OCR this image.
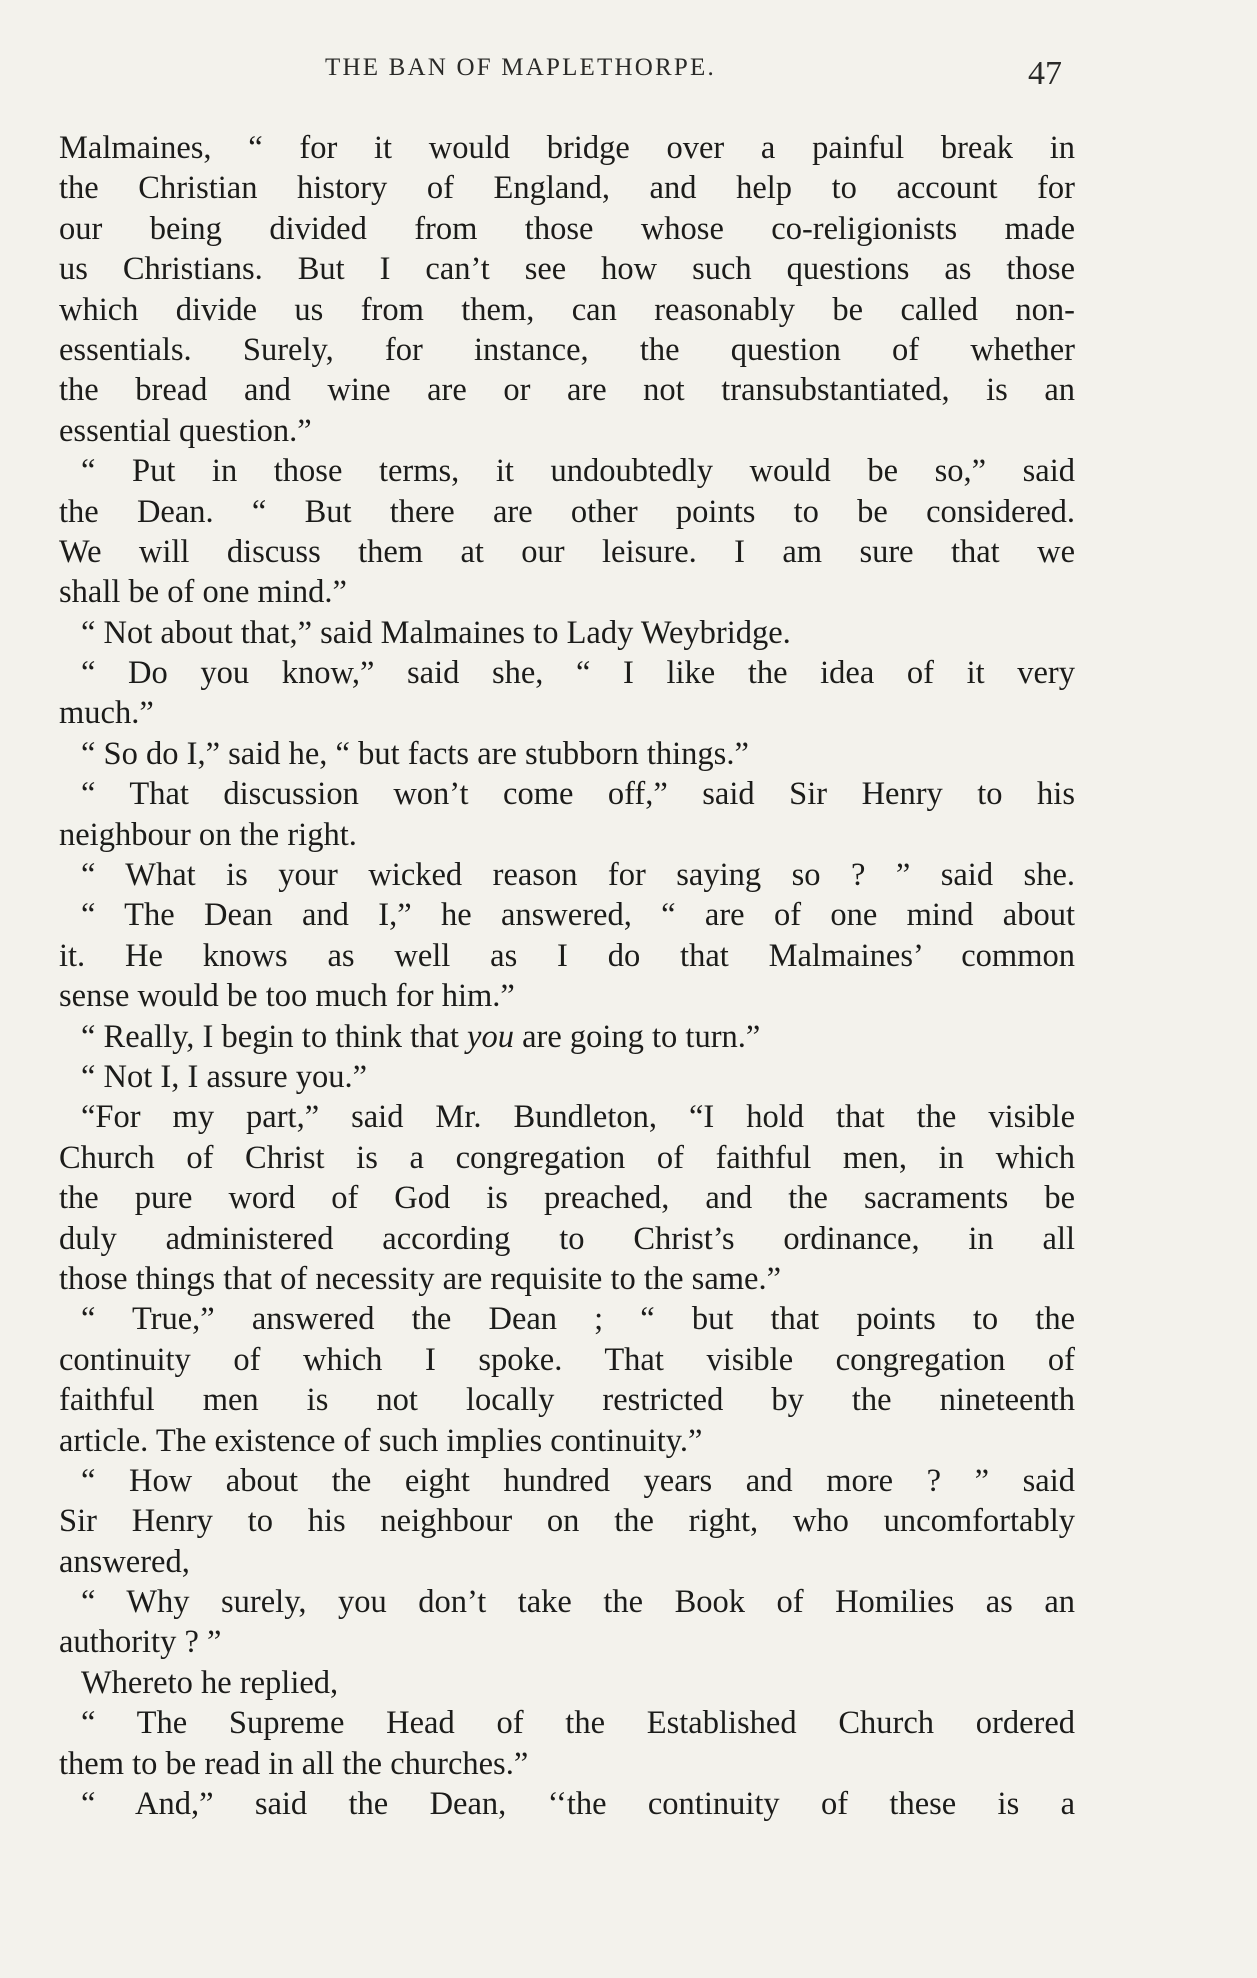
THE BAN OF MAPLETHORPE.	47
Malmaines, “ for it would bridge over a painful break in
the Christian history of England, and help to account for
our being divided from those whose co-religionists made
us Christians. But I can’t see how such questions as those
which divide us from them, can reasonably be called non-
essentials. Surely, for instance, the question of whether
the bread and wine are or are not transubstantiated, is an
essential question.”
“ Put in those terms, it undoubtedly would be so,” said
the Dean. “ But there are other points to be considered.
We will discuss them at our leisure. I am sure that we
shall be of one mind.”
“ Not about that,” said Malmaines to Lady Weybridge.
“ Do you know,” said she, “ I like the idea of it very
much.”
“ So do I,” said he, “ but facts are stubborn things.”
“ That discussion won’t come off,” said Sir Henry to his
neighbour on the right.
“ What is your wicked reason for saying so ? ” said she.
“ The Dean and I,” he answered, “ are of one mind about
it. He knows as well as I do that Malmaines’ common
sense would be too much for him.”
“ Really, I begin to think that you are going to turn.”
“ Not I, I assure you.”
“For my part,” said Mr. Bundleton, “I hold that the visible
Church of Christ is a congregation of faithful men, in which
the pure word of God is preached, and the sacraments be
duly administered according to Christ’s ordinance, in all
those things that of necessity are requisite to the same.”
“ True,” answered the Dean ; “ but that points to the
continuity of which I spoke. That visible congregation of
faithful men is not locally restricted by the nineteenth
article. The existence of such implies continuity.”
“ How about the eight hundred years and more ? ” said
Sir Henry to his neighbour on the right, who uncomfortably
answered,
“ Why surely, you don’t take the Book of Homilies as an
authority ? ”
Whereto he replied,
“ The Supreme Head of the Established Church ordered
them to be read in all the churches.”
“ And,” said the Dean, ‘‘the continuity of these is a
